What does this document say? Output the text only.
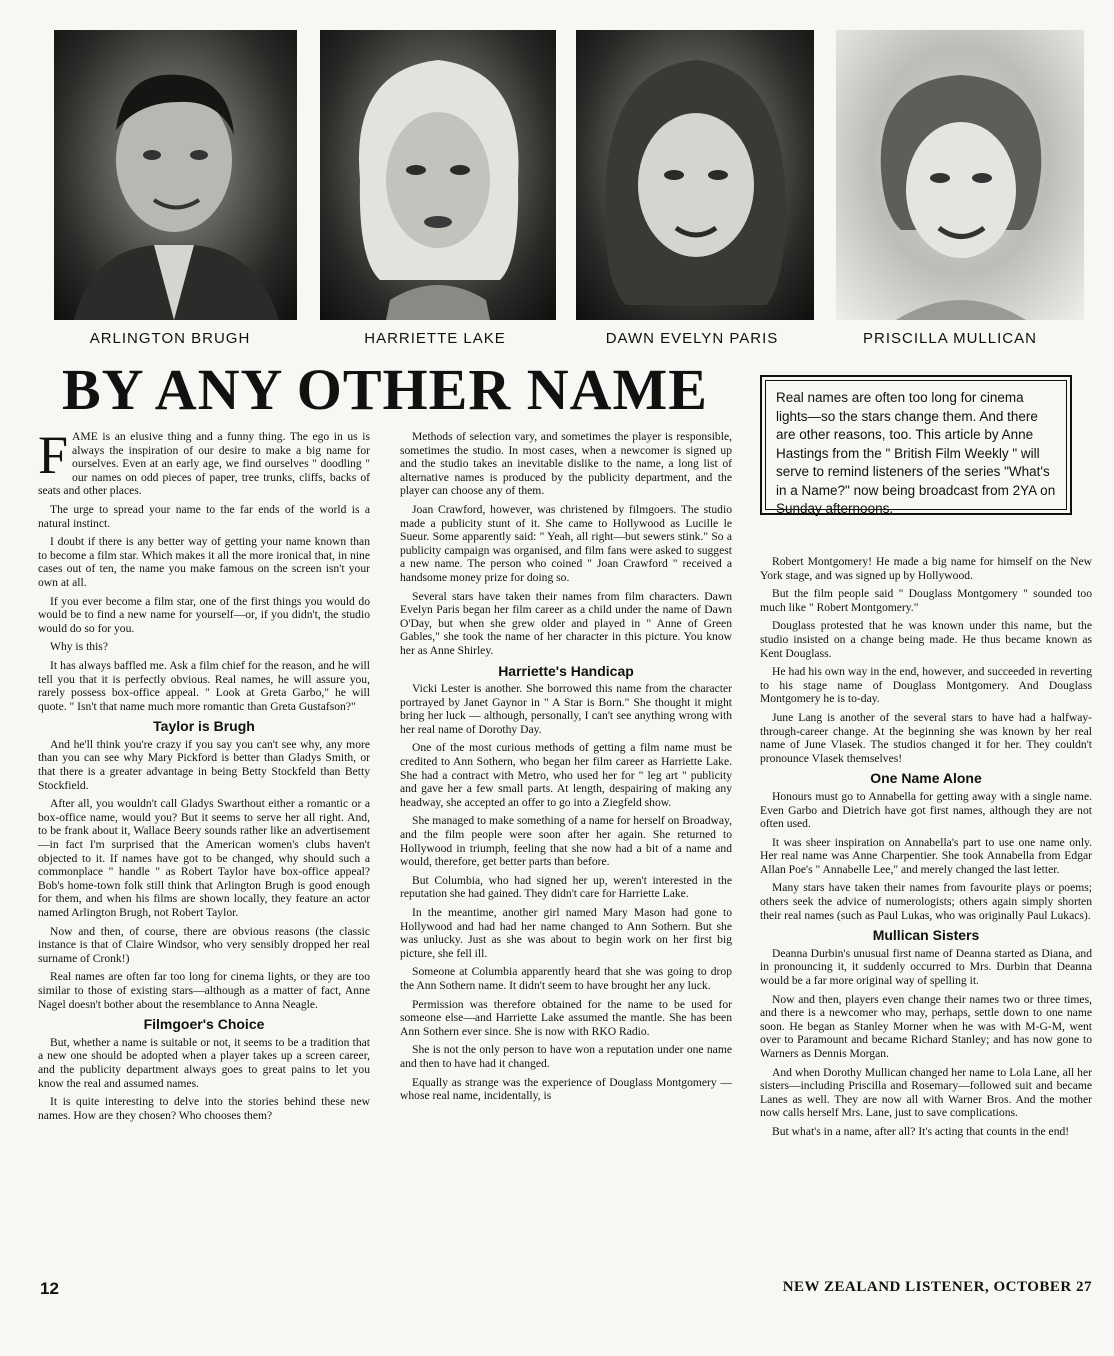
ARLINGTON BRUGH	HARRIETTE LAKE	DAWN EVELYN PARIS	PRISCILLA MULLICAN
BY ANY OTHER NAME	Real names are often too long for cinema lights—so the stars change them. And there are other reasons, too. This article by Anne Hastings from the " British Film Weekly " will serve to remind listeners of the series "What's in a Name?" now being broadcast from 2YA on Sunday afternoons.

FAME is an elusive thing and a funny thing. The ego in us is always the inspiration of our desire to make a big name for ourselves. Even at an early age, we find ourselves " doodling " our names on odd pieces of paper, tree trunks, cliffs, backs of seats and other places.

The urge to spread your name to the far ends of the world is a natural instinct.

I doubt if there is any better way of getting your name known than to become a film star. Which makes it all the more ironical that, in nine cases out of ten, the name you make famous on the screen isn't your own at all.

If you ever become a film star, one of the first things you would do would be to find a new name for yourself—or, if you didn't, the studio would do so for you.

Why is this?

It has always baffled me. Ask a film chief for the reason, and he will tell you that it is perfectly obvious. Real names, he will assure you, rarely possess box-office appeal. " Look at Greta Garbo," he will quote. " Isn't that name much more romantic than Greta Gustafson?"

Taylor is Brugh

And he'll think you're crazy if you say you can't see why, any more than you can see why Mary Pickford is better than Gladys Smith, or that there is a greater advantage in being Betty Stockfeld than Betty Stockfield.

After all, you wouldn't call Gladys Swarthout either a romantic or a box-office name, would you? But it seems to serve her all right. And, to be frank about it, Wallace Beery sounds rather like an advertisement—in fact I'm surprised that the American women's clubs haven't objected to it. If names have got to be changed, why should such a commonplace " handle " as Robert Taylor have box-office appeal? Bob's home-town folk still think that Arlington Brugh is good enough for them, and when his films are shown locally, they feature an actor named Arlington Brugh, not Robert Taylor.

Now and then, of course, there are obvious reasons (the classic instance is that of Claire Windsor, who very sensibly dropped her real surname of Cronk!)

Real names are often far too long for cinema lights, or they are too similar to those of existing stars—although as a matter of fact, Anne Nagel doesn't bother about the resemblance to Anna Neagle.

Filmgoer's Choice

But, whether a name is suitable or not, it seems to be a tradition that a new one should be adopted when a player takes up a screen career, and the publicity department always goes to great pains to let you know the real and assumed names.

It is quite interesting to delve into the stories behind these new names. How are they chosen? Who chooses them?

Methods of selection vary, and sometimes the player is responsible, sometimes the studio. In most cases, when a newcomer is signed up and the studio takes an inevitable dislike to the name, a long list of alternative names is produced by the publicity department, and the player can choose any of them.

Joan Crawford, however, was christened by filmgoers. The studio made a publicity stunt of it. She came to Hollywood as Lucille le Sueur. Some apparently said: " Yeah, all right—but sewers stink." So a publicity campaign was organised, and film fans were asked to suggest a new name. The person who coined " Joan Crawford " received a handsome money prize for doing so.

Several stars have taken their names from film characters. Dawn Evelyn Paris began her film career as a child under the name of Dawn O'Day, but when she grew older and played in " Anne of Green Gables," she took the name of her character in this picture. You know her as Anne Shirley.

Harriette's Handicap

Vicki Lester is another. She borrowed this name from the character portrayed by Janet Gaynor in " A Star is Born." She thought it might bring her luck — although, personally, I can't see anything wrong with her real name of Dorothy Day.

One of the most curious methods of getting a film name must be credited to Ann Sothern, who began her film career as Harriette Lake. She had a contract with Metro, who used her for " leg art " publicity and gave her a few small parts. At length, despairing of making any headway, she accepted an offer to go into a Ziegfeld show.

She managed to make something of a name for herself on Broadway, and the film people were soon after her again. She returned to Hollywood in triumph, feeling that she now had a bit of a name and would, therefore, get better parts than before.

But Columbia, who had signed her up, weren't interested in the reputation she had gained. They didn't care for Harriette Lake.

In the meantime, another girl named Mary Mason had gone to Hollywood and had had her name changed to Ann Sothern. But she was unlucky. Just as she was about to begin work on her first big picture, she fell ill.

Someone at Columbia apparently heard that she was going to drop the Ann Sothern name. It didn't seem to have brought her any luck.

Permission was therefore obtained for the name to be used for someone else—and Harriette Lake assumed the mantle. She has been Ann Sothern ever since. She is now with RKO Radio.

She is not the only person to have won a reputation under one name and then to have had it changed.

Equally as strange was the experience of Douglass Montgomery — whose real name, incidentally, is

Robert Montgomery! He made a big name for himself on the New York stage, and was signed up by Hollywood.

But the film people said " Douglass Montgomery " sounded too much like " Robert Montgomery."

Douglass protested that he was known under this name, but the studio insisted on a change being made. He thus became known as Kent Douglass.

He had his own way in the end, however, and succeeded in reverting to his stage name of Douglass Montgomery. And Douglass Montgomery he is to-day.

June Lang is another of the several stars to have had a halfway-through-career change. At the beginning she was known by her real name of June Vlasek. The studios changed it for her. They couldn't pronounce Vlasek themselves!

One Name Alone

Honours must go to Annabella for getting away with a single name. Even Garbo and Dietrich have got first names, although they are not often used.

It was sheer inspiration on Annabella's part to use one name only. Her real name was Anne Charpentier. She took Annabella from Edgar Allan Poe's " Annabelle Lee," and merely changed the last letter.

Many stars have taken their names from favourite plays or poems; others seek the advice of numerologists; others again simply shorten their real names (such as Paul Lukas, who was originally Paul Lukacs).

Mullican Sisters

Deanna Durbin's unusual first name of Deanna started as Diana, and in pronouncing it, it suddenly occurred to Mrs. Durbin that Deanna would be a far more original way of spelling it.

Now and then, players even change their names two or three times, and there is a newcomer who may, perhaps, settle down to one name soon. He began as Stanley Morner when he was with M-G-M, went over to Paramount and became Richard Stanley; and has now gone to Warners as Dennis Morgan.

And when Dorothy Mullican changed her name to Lola Lane, all her sisters—including Priscilla and Rosemary—followed suit and became Lanes as well. They are now all with Warner Bros. And the mother now calls herself Mrs. Lane, just to save complications.

But what's in a name, after all? It's acting that counts in the end!

12	NEW ZEALAND LISTENER, OCTOBER 27
